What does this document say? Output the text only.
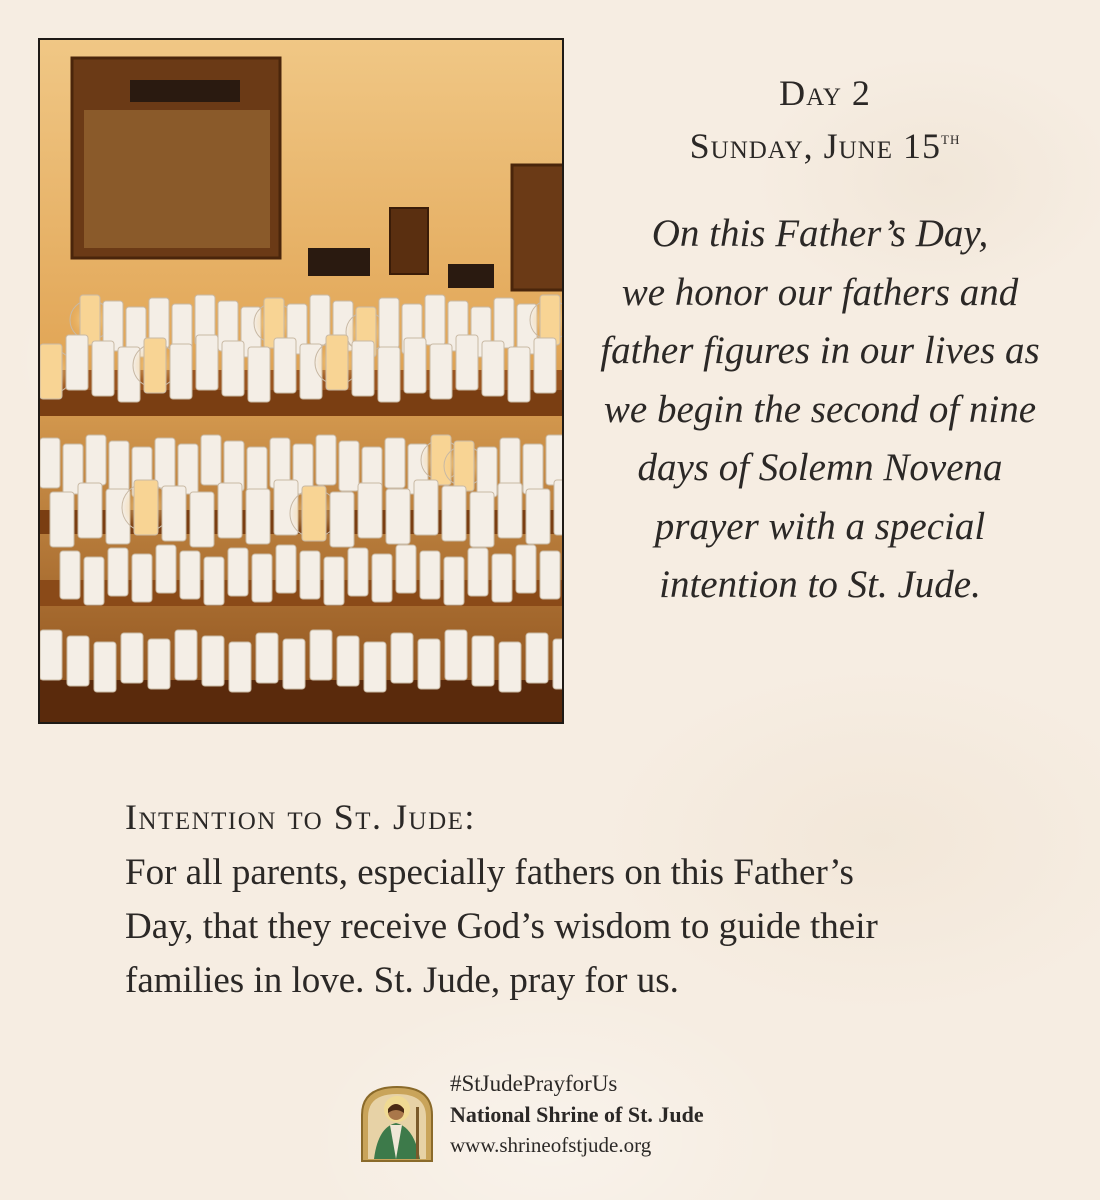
Day 2
Sunday, June 15th
On this Father’s Day,
we honor our fathers and
father figures in our lives as
we begin the second of nine
days of Solemn Novena
prayer with a special
intention to St. Jude.
Intention to St. Jude:
For all parents, especially fathers on this Father’s
Day, that they receive God’s wisdom to guide their
families in love. St. Jude, pray for us.
#StJudePrayforUs
National Shrine of St. Jude
www.shrineofstjude.org
